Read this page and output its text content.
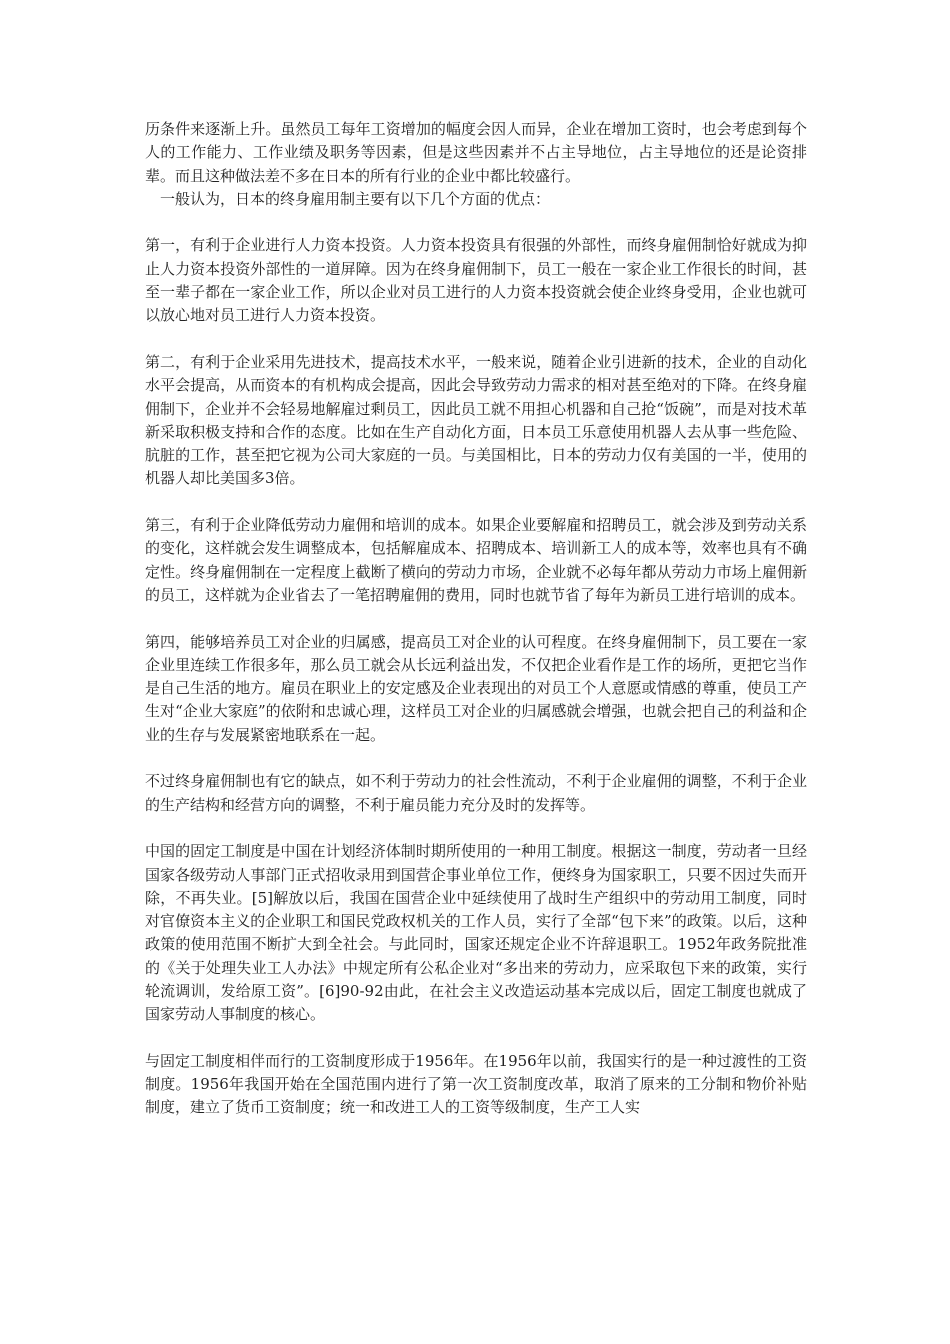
历条件来逐渐上升。虽然员工每年工资增加的幅度会因人而异，企业在增加工资时，也会考虑到每个人的工作能力、工作业绩及职务等因素，但是这些因素并不占主导地位，占主导地位的还是论资排辈。而且这种做法差不多在日本的所有行业的企业中都比较盛行。

一般认为，日本的终身雇用制主要有以下几个方面的优点：

第一，有利于企业进行人力资本投资。人力资本投资具有很强的外部性，而终身雇佣制恰好就成为抑止人力资本投资外部性的一道屏障。因为在终身雇佣制下，员工一般在一家企业工作很长的时间，甚至一辈子都在一家企业工作，所以企业对员工进行的人力资本投资就会使企业终身受用，企业也就可以放心地对员工进行人力资本投资。

第二，有利于企业采用先进技术，提高技术水平，一般来说，随着企业引进新的技术，企业的自动化水平会提高，从而资本的有机构成会提高，因此会导致劳动力需求的相对甚至绝对的下降。在终身雇佣制下，企业并不会轻易地解雇过剩员工，因此员工就不用担心机器和自己抢“饭碗”，而是对技术革新采取积极支持和合作的态度。比如在生产自动化方面，日本员工乐意使用机器人去从事一些危险、肮脏的工作，甚至把它视为公司大家庭的一员。与美国相比，日本的劳动力仅有美国的一半，使用的机器人却比美国多3倍。

第三，有利于企业降低劳动力雇佣和培训的成本。如果企业要解雇和招聘员工，就会涉及到劳动关系的变化，这样就会发生调整成本，包括解雇成本、招聘成本、培训新工人的成本等，效率也具有不确定性。终身雇佣制在一定程度上截断了横向的劳动力市场，企业就不必每年都从劳动力市场上雇佣新的员工，这样就为企业省去了一笔招聘雇佣的费用，同时也就节省了每年为新员工进行培训的成本。

第四，能够培养员工对企业的归属感，提高员工对企业的认可程度。在终身雇佣制下，员工要在一家企业里连续工作很多年，那么员工就会从长远利益出发，不仅把企业看作是工作的场所，更把它当作是自己生活的地方。雇员在职业上的安定感及企业表现出的对员工个人意愿或情感的尊重，使员工产生对“企业大家庭”的依附和忠诚心理，这样员工对企业的归属感就会增强，也就会把自己的利益和企业的生存与发展紧密地联系在一起。

不过终身雇佣制也有它的缺点，如不利于劳动力的社会性流动，不利于企业雇佣的调整，不利于企业的生产结构和经营方向的调整，不利于雇员能力充分及时的发挥等。

中国的固定工制度是中国在计划经济体制时期所使用的一种用工制度。根据这一制度，劳动者一旦经国家各级劳动人事部门正式招收录用到国营企事业单位工作，便终身为国家职工，只要不因过失而开除，不再失业。[5]解放以后，我国在国营企业中延续使用了战时生产组织中的劳动用工制度，同时对官僚资本主义的企业职工和国民党政权机关的工作人员，实行了全部“包下来”的政策。以后，这种政策的使用范围不断扩大到全社会。与此同时，国家还规定企业不许辞退职工。1952年政务院批准的《关于处理失业工人办法》中规定所有公私企业对“多出来的劳动力，应采取包下来的政策，实行轮流调训，发给原工资”。[6]90-92由此，在社会主义改造运动基本完成以后，固定工制度也就成了国家劳动人事制度的核心。

与固定工制度相伴而行的工资制度形成于1956年。在1956年以前，我国实行的是一种过渡性的工资制度。1956年我国开始在全国范围内进行了第一次工资制度改革，取消了原来的工分制和物价补贴制度，建立了货币工资制度；统一和改进工人的工资等级制度，生产工人实
